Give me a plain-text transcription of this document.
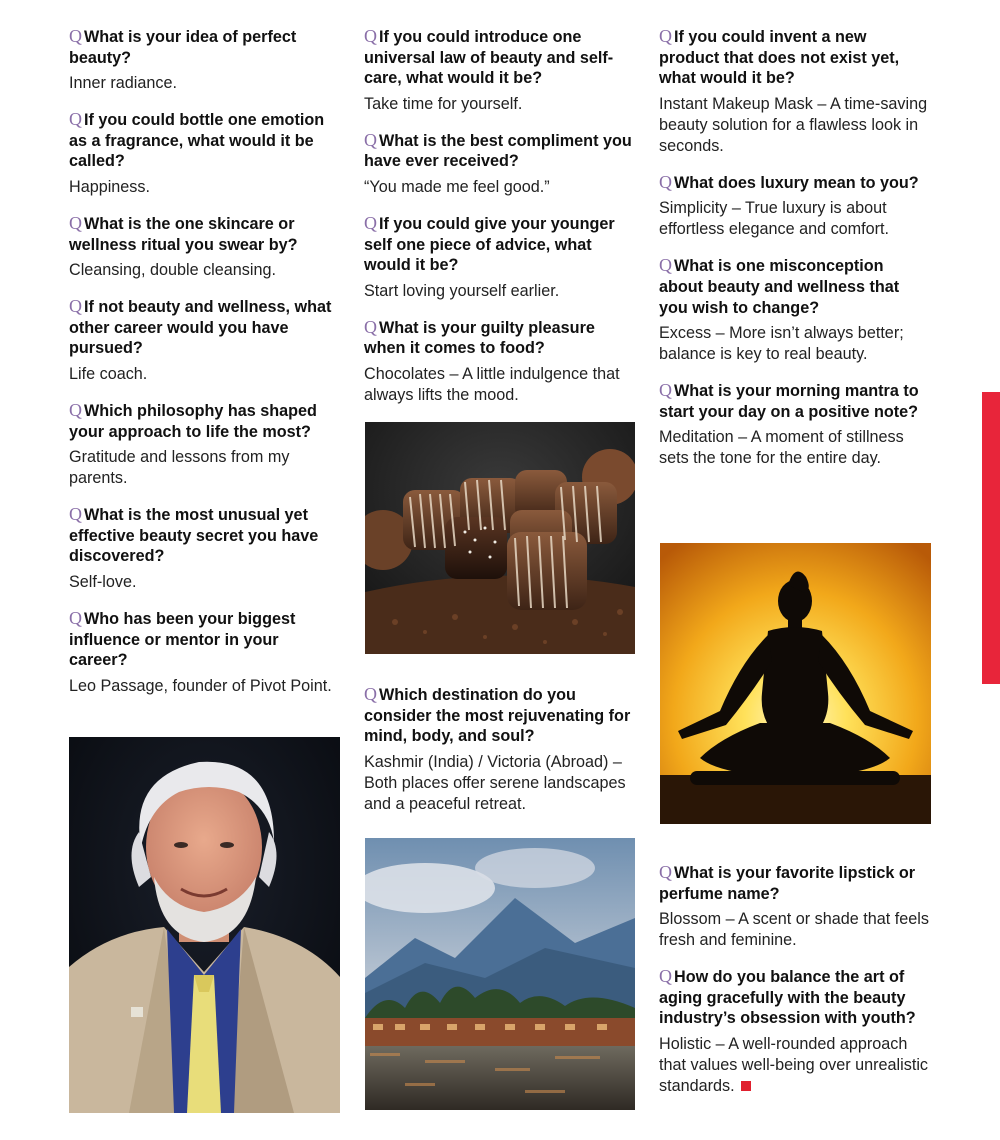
Q What is your idea of perfect beauty?

Inner radiance.

Q If you could bottle one emotion as a fragrance, what would it be called?

Happiness.

Q What is the one skincare or wellness ritual you swear by?

Cleansing, double cleansing.

Q If not beauty and wellness, what other career would you have pursued?

Life coach.

Q Which philosophy has shaped your approach to life the most?

Gratitude and lessons from my parents.

Q What is the most unusual yet effective beauty secret you have discovered?

Self-love.

Q Who has been your biggest influence or mentor in your career?

Leo Passage, founder of Pivot Point.

Q If you could introduce one universal law of beauty and self-care, what would it be?

Take time for yourself.

Q What is the best compliment you have ever received?

“You made me feel good.”

Q If you could give your younger self one piece of advice, what would it be?

Start loving yourself earlier.

Q What is your guilty pleasure when it comes to food?

Chocolates – A little indulgence that always lifts the mood.

Q Which destination do you consider the most rejuvenating for mind, body, and soul?

Kashmir (India) / Victoria (Abroad) – Both places offer serene landscapes and a peaceful retreat.

Q If you could invent a new product that does not exist yet, what would it be?

Instant Makeup Mask – A time-saving beauty solution for a flawless look in seconds.

Q What does luxury mean to you?

Simplicity – True luxury is about effortless elegance and comfort.

Q What is one misconception about beauty and wellness that you wish to change?

Excess – More isn’t always better; balance is key to real beauty.

Q What is your morning mantra to start your day on a positive note?

Meditation – A moment of stillness sets the tone for the entire day.

Q What is your favorite lipstick or perfume name?

Blossom – A scent or shade that feels fresh and feminine.

Q How do you balance the art of aging gracefully with the beauty industry’s obsession with youth?

Holistic – A well-rounded approach that values well-being over unrealistic standards.
